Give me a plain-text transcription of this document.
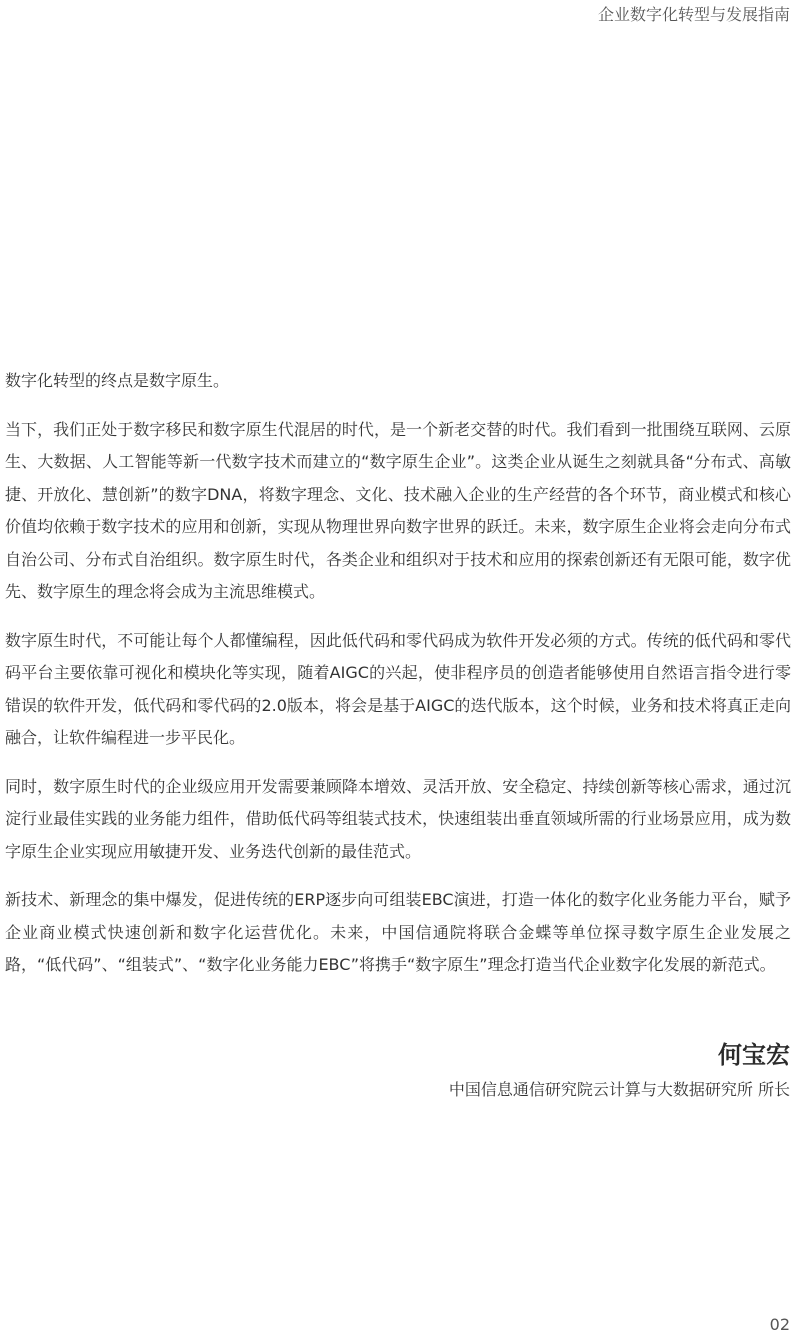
企业数字化转型与发展指南

数字化转型的终点是数字原生。

当下，我们正处于数字移民和数字原生代混居的时代，是一个新老交替的时代。我们看到一批围绕互联网、云原生、大数据、人工智能等新一代数字技术而建立的“数字原生企业”。这类企业从诞生之刻就具备“分布式、高敏捷、开放化、慧创新”的数字DNA，将数字理念、文化、技术融入企业的生产经营的各个环节，商业模式和核心价值均依赖于数字技术的应用和创新，实现从物理世界向数字世界的跃迁。未来，数字原生企业将会走向分布式自治公司、分布式自治组织。数字原生时代，各类企业和组织对于技术和应用的探索创新还有无限可能，数字优先、数字原生的理念将会成为主流思维模式。

数字原生时代，不可能让每个人都懂编程，因此低代码和零代码成为软件开发必须的方式。传统的低代码和零代码平台主要依靠可视化和模块化等实现，随着AIGC的兴起，使非程序员的创造者能够使用自然语言指令进行零错误的软件开发，低代码和零代码的2.0版本，将会是基于AIGC的迭代版本，这个时候，业务和技术将真正走向融合，让软件编程进一步平民化。

同时，数字原生时代的企业级应用开发需要兼顾降本增效、灵活开放、安全稳定、持续创新等核心需求，通过沉淀行业最佳实践的业务能力组件，借助低代码等组装式技术，快速组装出垂直领域所需的行业场景应用，成为数字原生企业实现应用敏捷开发、业务迭代创新的最佳范式。

新技术、新理念的集中爆发，促进传统的ERP逐步向可组装EBC演进，打造一体化的数字化业务能力平台，赋予企业商业模式快速创新和数字化运营优化。未来，中国信通院将联合金蝶等单位探寻数字原生企业发展之路，“低代码”、“组装式”、“数字化业务能力EBC”将携手“数字原生”理念打造当代企业数字化发展的新范式。

何宝宏
中国信息通信研究院云计算与大数据研究所 所长
02
